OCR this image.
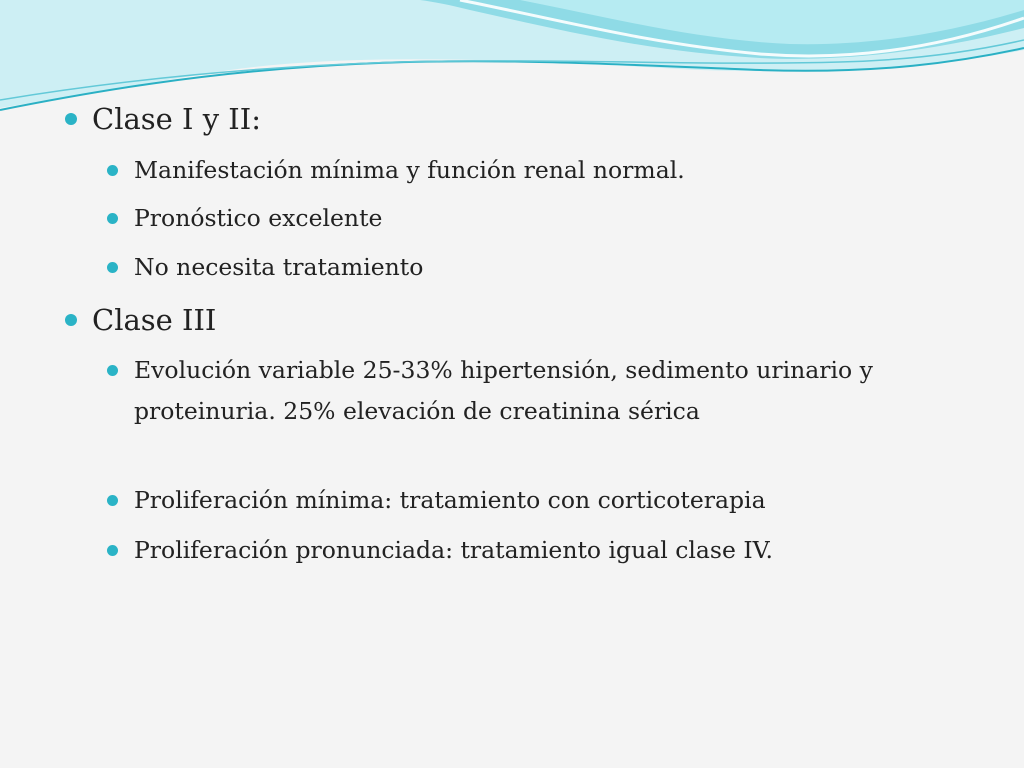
Clase I y II:

Manifestación mínima y función renal normal.

Pronóstico excelente

No necesita tratamiento

Clase III

Evolución variable 25-33% hipertensión, sedimento urinario y proteinuria. 25% elevación de creatinina sérica

Proliferación mínima: tratamiento con corticoterapia

Proliferación pronunciada: tratamiento igual clase IV.
